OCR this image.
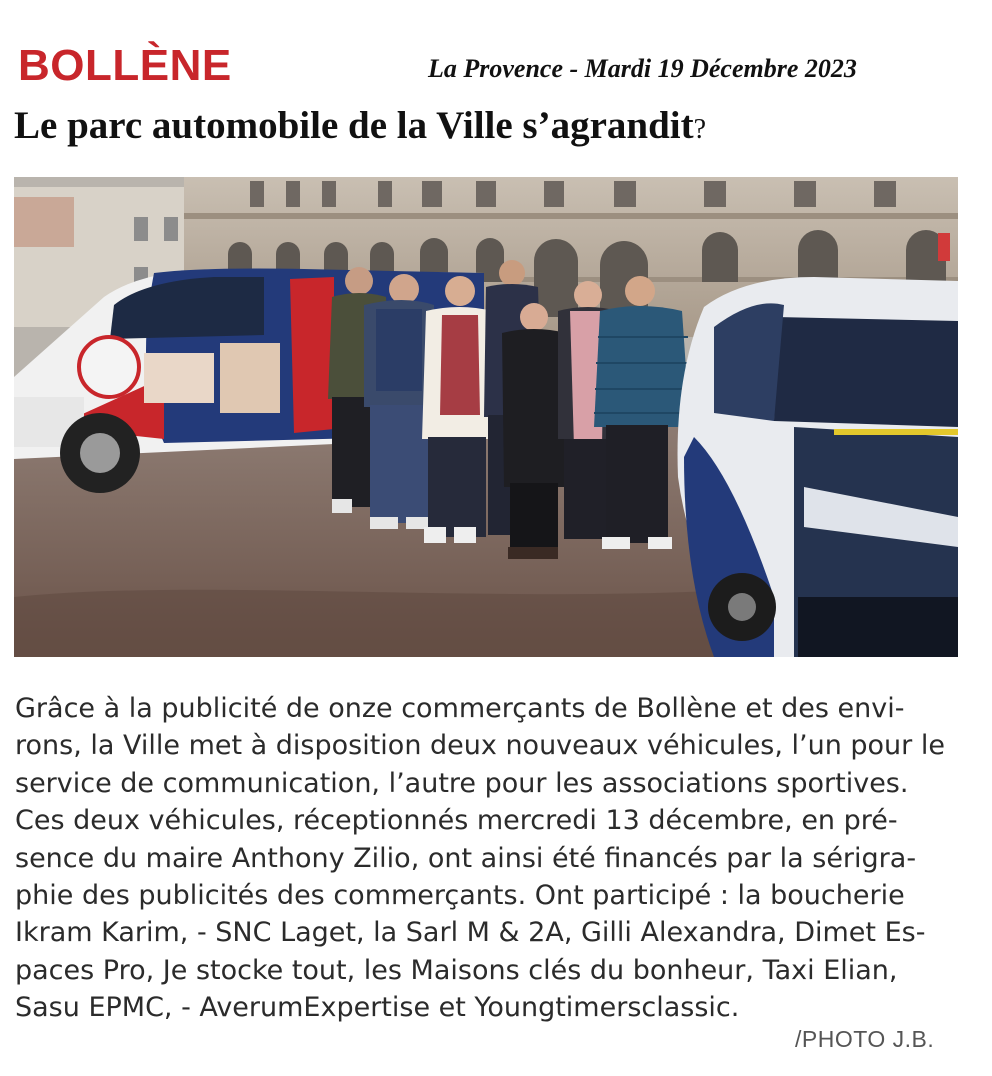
BOLLÈNE	La Provence - Mardi 19 Décembre 2023
Le parc automobile de la Ville s’agrandit?
Grâce à la publicité de onze commerçants de Bollène et des envi-
rons, la Ville met à disposition deux nouveaux véhicules, l’un pour le
service de communication, l’autre pour les associations sportives.
Ces deux véhicules, réceptionnés mercredi 13 décembre, en pré-
sence du maire Anthony Zilio, ont ainsi été financés par la sérigra-
phie des publicités des commerçants. Ont participé : la boucherie
Ikram Karim, - SNC Laget, la Sarl M & 2A, Gilli Alexandra, Dimet Es-
paces Pro, Je stocke tout, les Maisons clés du bonheur, Taxi Elian,
Sasu EPMC, - AverumExpertise et Youngtimersclassic.
/PHOTO J.B.
